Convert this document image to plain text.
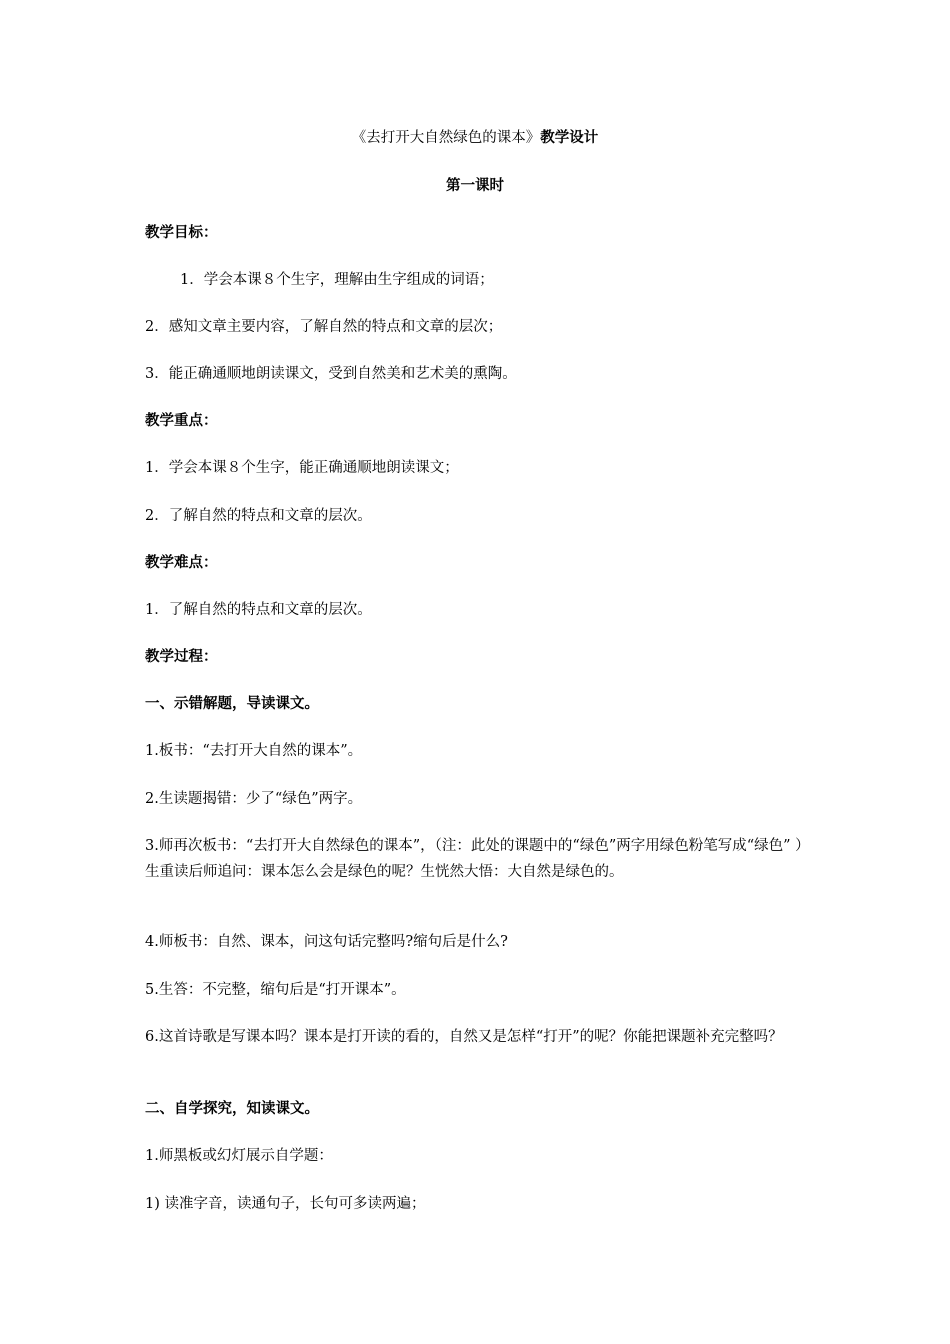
《去打开大自然绿色的课本》教学设计
第一课时
教学目标：
1．学会本课８个生字，理解由生字组成的词语；
2．感知文章主要内容，了解自然的特点和文章的层次；
3．能正确通顺地朗读课文，受到自然美和艺术美的熏陶。
教学重点：
1．学会本课８个生字，能正确通顺地朗读课文；
2．了解自然的特点和文章的层次。
教学难点：
1．了解自然的特点和文章的层次。
教学过程：
一、示错解题，导读课文。
1.板书：“去打开大自然的课本”。
2.生读题揭错：少了“绿色”两字。
3.师再次板书：“去打开大自然绿色的课本”，（注：此处的课题中的“绿色”两字用绿色粉笔写成“绿色” ）生重读后师追问：课本怎么会是绿色的呢？生恍然大悟：大自然是绿色的。
4.师板书：自然、课本，问这句话完整吗?缩句后是什么?
5.生答：不完整，缩句后是“打开课本”。
6.这首诗歌是写课本吗？课本是打开读的看的，自然又是怎样“打开”的呢？你能把课题补充完整吗？
二、自学探究，知读课文。
1.师黑板或幻灯展示自学题：
1) 读准字音，读通句子，长句可多读两遍；
